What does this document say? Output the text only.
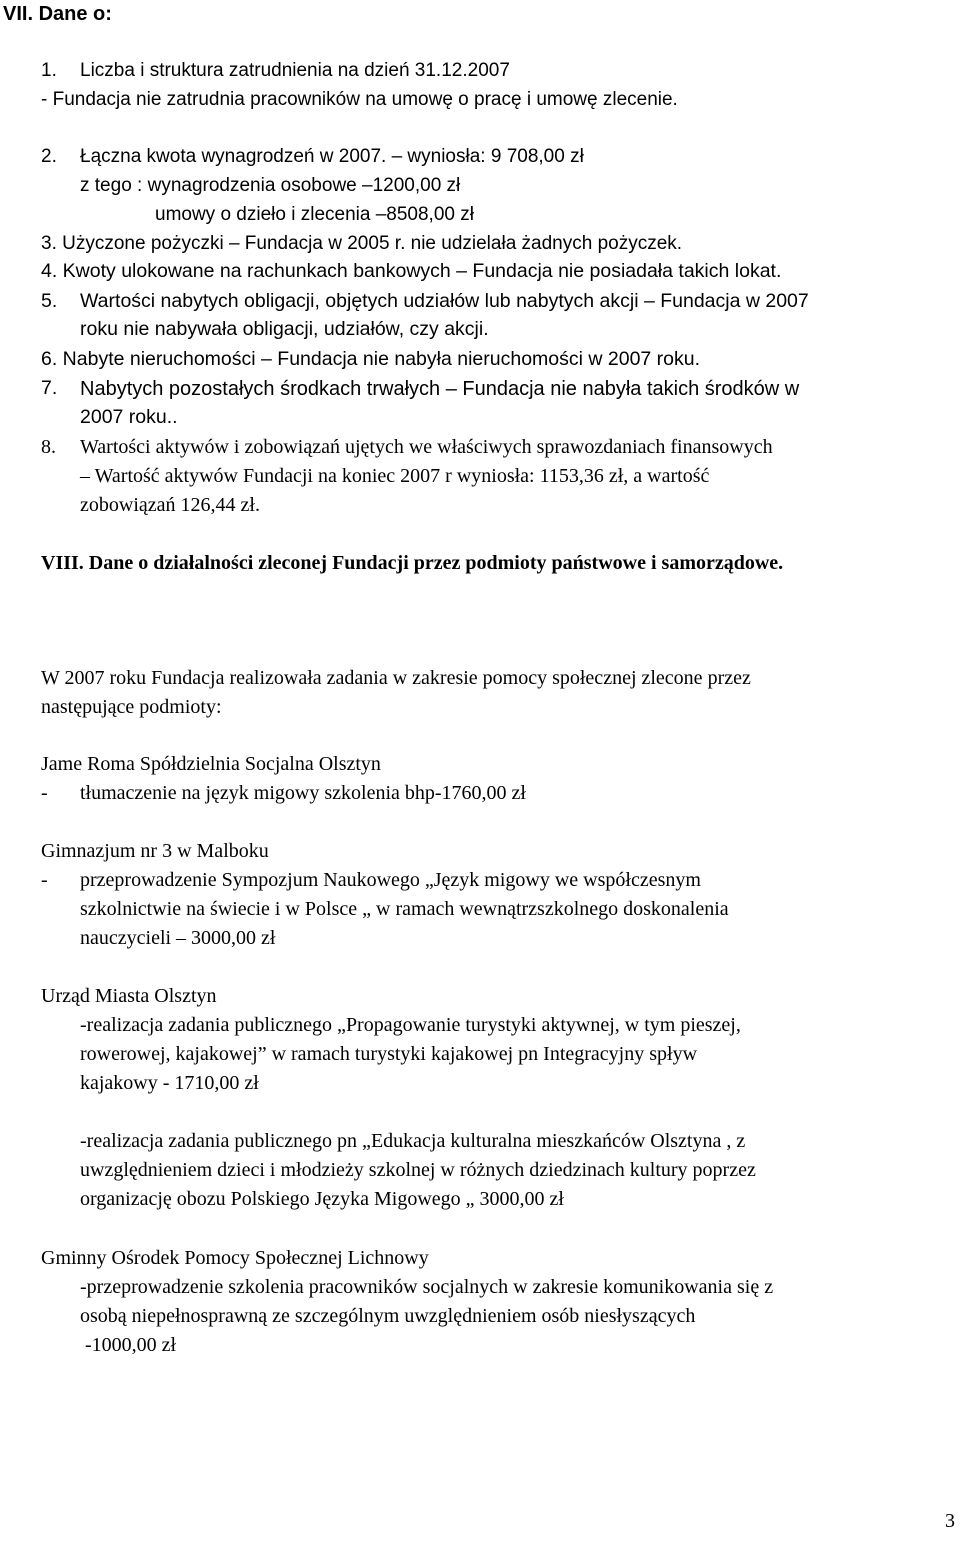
VII. Dane o:
1. Liczba i struktura zatrudnienia na dzień 31.12.2007
- Fundacja nie zatrudnia pracowników na umowę o pracę i umowę zlecenie.
2. Łączna kwota wynagrodzeń w 2007. – wyniosła: 9 708,00 zł
z tego : wynagrodzenia osobowe –1200,00 zł
umowy o dzieło i zlecenia –8508,00 zł
3. Użyczone pożyczki – Fundacja w 2005 r. nie udzielała żadnych pożyczek.
4. Kwoty ulokowane na rachunkach bankowych – Fundacja nie posiadała takich lokat.
5. Wartości nabytych obligacji, objętych udziałów lub nabytych akcji – Fundacja w 2007
roku nie nabywała obligacji, udziałów, czy akcji.
6. Nabyte nieruchomości – Fundacja nie nabyła nieruchomości w 2007 roku.
7. Nabytych pozostałych środkach trwałych – Fundacja nie nabyła takich środków w
2007 roku..
8. Wartości aktywów i zobowiązań ujętych we właściwych sprawozdaniach finansowych
– Wartość aktywów Fundacji na koniec 2007 r wyniosła: 1153,36 zł, a wartość
zobowiązań 126,44 zł.
VIII. Dane o działalności zleconej Fundacji przez podmioty państwowe i samorządowe.
W 2007 roku Fundacja realizowała zadania w zakresie pomocy społecznej zlecone przez
następujące podmioty:
Jame Roma Spółdzielnia Socjalna Olsztyn
- tłumaczenie na język migowy szkolenia bhp-1760,00 zł
Gimnazjum nr 3 w Malboku
- przeprowadzenie Sympozjum Naukowego „Język migowy we współczesnym
szkolnictwie na świecie i w Polsce „ w ramach wewnątrzszkolnego doskonalenia
nauczycieli – 3000,00 zł
Urząd Miasta Olsztyn
-realizacja zadania publicznego „Propagowanie turystyki aktywnej, w tym pieszej,
rowerowej, kajakowej” w ramach turystyki kajakowej pn Integracyjny spływ
kajakowy - 1710,00 zł
-realizacja zadania publicznego pn „Edukacja kulturalna mieszkańców Olsztyna , z
uwzględnieniem dzieci i młodzieży szkolnej w różnych dziedzinach kultury poprzez
organizację obozu Polskiego Języka Migowego „ 3000,00 zł
Gminny Ośrodek Pomocy Społecznej Lichnowy
-przeprowadzenie szkolenia pracowników socjalnych w zakresie komunikowania się z
osobą niepełnosprawną ze szczególnym uwzględnieniem osób niesłyszących
-1000,00 zł
3
